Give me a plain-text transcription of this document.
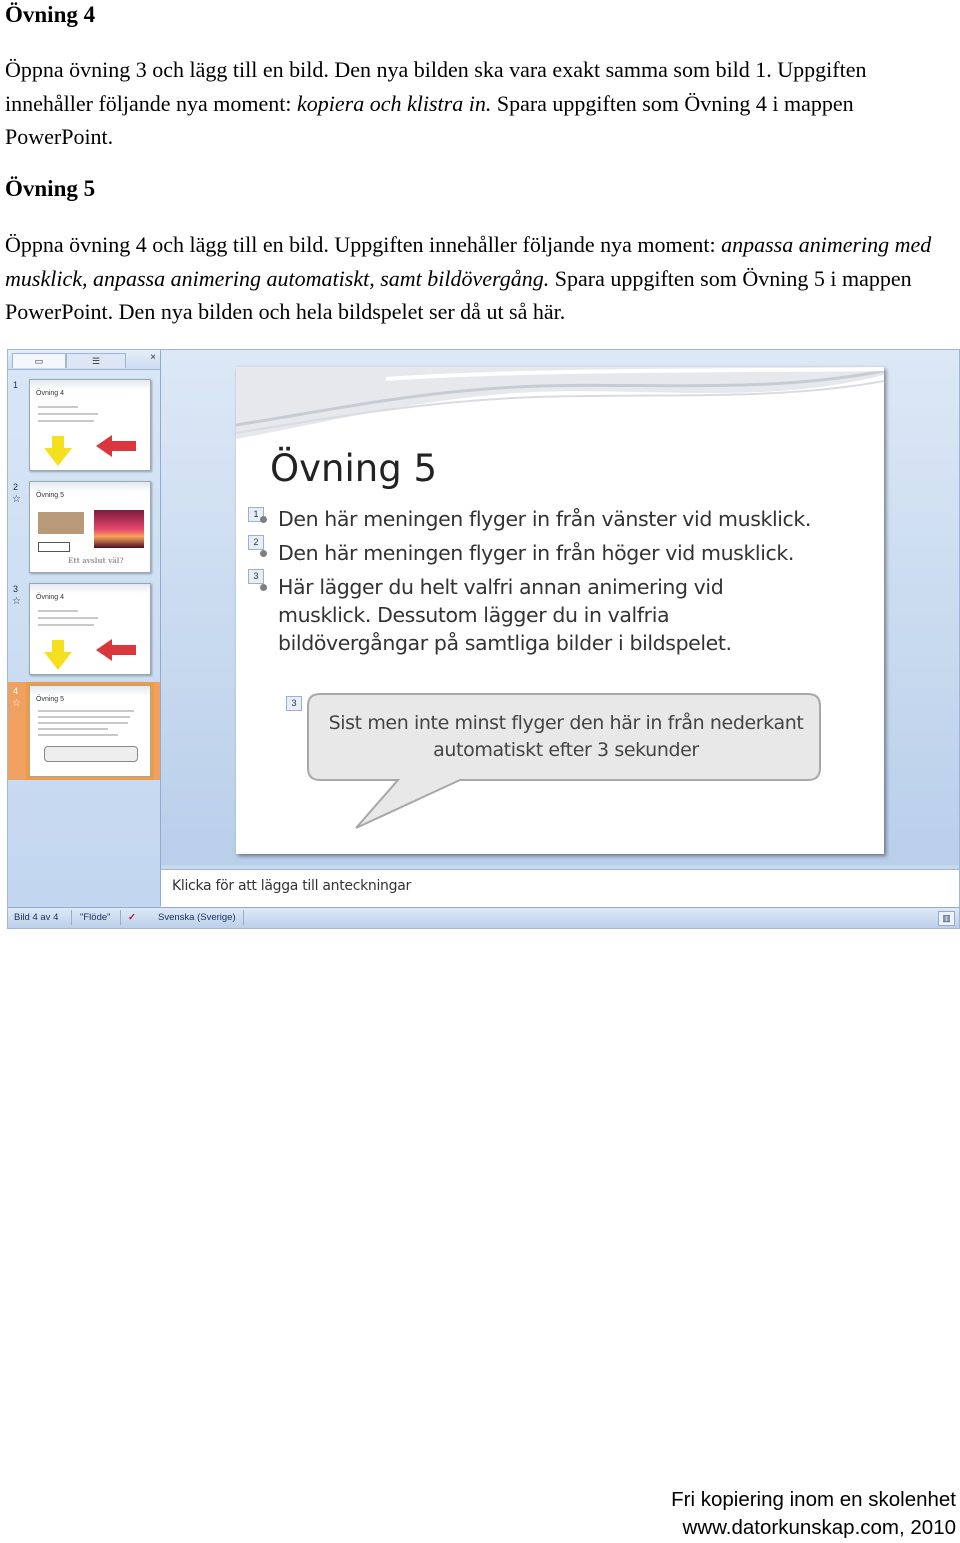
Övning 4

Öppna övning 3 och lägg till en bild. Den nya bilden ska vara exakt samma som bild 1. Uppgiften innehåller följande nya moment: kopiera och klistra in. Spara uppgiften som Övning 4 i mappen PowerPoint.

Övning 5

Öppna övning 4 och lägg till en bild. Uppgiften innehåller följande nya moment: anpassa animering med musklick, anpassa animering automatiskt, samt bildövergång. Spara uppgiften som Övning 5 i mappen PowerPoint. Den nya bilden och hela bildspelet ser då ut så här.

▭	☰	×
1
Övning 4
2
☆ Övning 5
Ett avslut väl?
3
☆ Övning 4
4
☆ Övning 5
Övning 5
1
2
3
Den här meningen flyger in från vänster vid musklick.
Den här meningen flyger in från höger vid musklick.
Här lägger du helt valfri annan animering vid musklick. Dessutom lägger du in valfria bildövergångar på samtliga bilder i bildspelet.
3
Sist men inte minst flyger den här in från nederkant automatiskt efter 3 sekunder
Klicka för att lägga till anteckningar
Bild 4 av 4 "Flöde" ✓ Svenska (Sverige)	▥
Fri kopiering inom en skolenhet
www.datorkunskap.com, 2010
